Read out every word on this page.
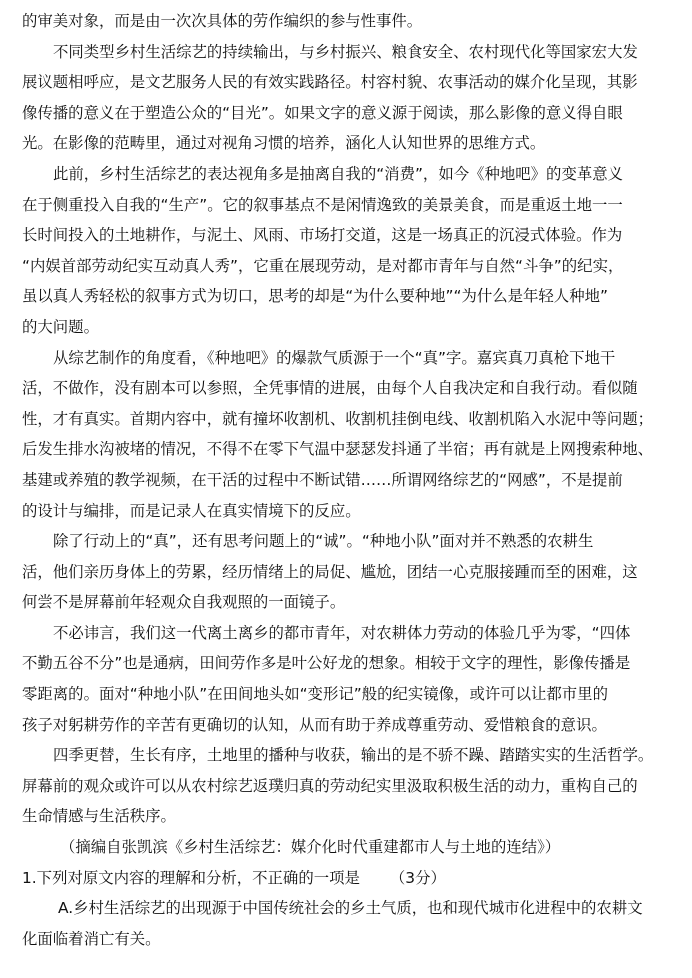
的审美对象，而是由一次次具体的劳作编织的参与性事件。
不同类型乡村生活综艺的持续输出，与乡村振兴、粮食安全、农村现代化等国家宏大发
展议题相呼应，是文艺服务人民的有效实践路径。村容村貌、农事活动的媒介化呈现，其影
像传播的意义在于塑造公众的“目光”。如果文字的意义源于阅读，那么影像的意义得自眼
光。在影像的范畴里，通过对视角习惯的培养，涵化人认知世界的思维方式。
此前，乡村生活综艺的表达视角多是抽离自我的“消费”，如今《种地吧》的变革意义
在于侧重投入自我的“生产”。它的叙事基点不是闲情逸致的美景美食，而是重返土地一一
长时间投入的土地耕作，与泥土、风雨、市场打交道，这是一场真正的沉浸式体验。作为
“内娱首部劳动纪实互动真人秀”，它重在展现劳动，是对都市青年与自然“斗争”的纪实，
虽以真人秀轻松的叙事方式为切口，思考的却是“为什么要种地”“为什么是年轻人种地”
的大问题。
从综艺制作的角度看，《种地吧》的爆款气质源于一个“真”字。嘉宾真刀真枪下地干
活，不做作，没有剧本可以参照，全凭事情的进展，由每个人自我决定和自我行动。看似随
性，才有真实。首期内容中，就有撞坏收割机、收割机挂倒电线、收割机陷入水泥中等问题；
后发生排水沟被堵的情况，不得不在零下气温中瑟瑟发抖通了半宿；再有就是上网搜索种地、
基建或养殖的教学视频，在干活的过程中不断试错……所谓网络综艺的“网感”，不是提前
的设计与编排，而是记录人在真实情境下的反应。
除了行动上的“真”，还有思考问题上的“诚”。“种地小队”面对并不熟悉的农耕生
活，他们亲历身体上的劳累，经历情绪上的局促、尴尬，团结一心克服接踵而至的困难，这
何尝不是屏幕前年轻观众自我观照的一面镜子。
不必讳言，我们这一代离土离乡的都市青年，对农耕体力劳动的体验几乎为零，“四体
不勤五谷不分”也是通病，田间劳作多是叶公好龙的想象。相较于文字的理性，影像传播是
零距离的。面对“种地小队”在田间地头如“变形记”般的纪实镜像，或许可以让都市里的
孩子对躬耕劳作的辛苦有更确切的认知，从而有助于养成尊重劳动、爱惜粮食的意识。
四季更替，生长有序，土地里的播种与收获，输出的是不骄不躁、踏踏实实的生活哲学。
屏幕前的观众或许可以从农村综艺返璞归真的劳动纪实里汲取积极生活的动力，重构自己的
生命情感与生活秩序。
（摘编自张凯滨《乡村生活综艺：媒介化时代重建都市人与土地的连结》）
1.下列对原文内容的理解和分析，不正确的一项是 （3分）
A.乡村生活综艺的出现源于中国传统社会的乡土气质，也和现代城市化进程中的农耕文
化面临着消亡有关。
